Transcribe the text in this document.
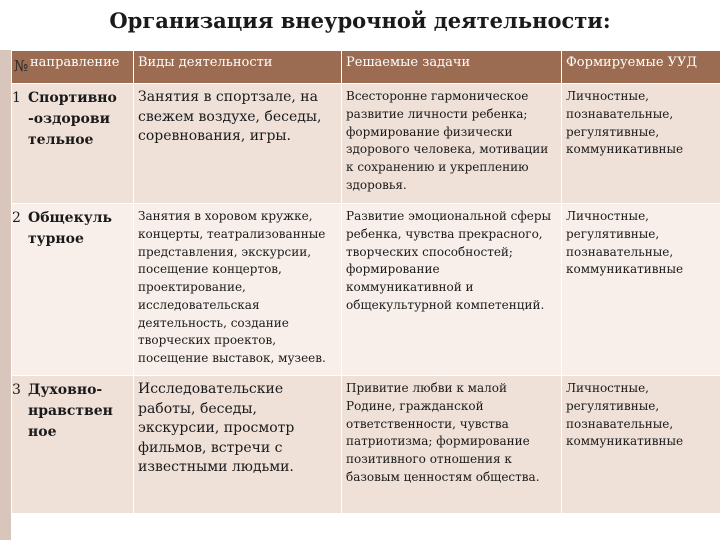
Организация внеурочной деятельности:
№ направление	Виды деятельности	Решаемые задачи	Формируемые УУД
1 Спортивно -оздорови тельное	Занятия в спортзале, на свежем воздухе, беседы, соревнования, игры.	Всесторонне гармоническое развитие личности ребенка; формирование физически здорового человека, мотивации к сохранению и укреплению здоровья.	Личностные, познавательные, регулятивные, коммуникативные
2 Общекуль турное	Занятия в хоровом кружке, концерты, театрализованные представления, экскурсии, посещение концертов, проектирование, исследовательская деятельность, создание творческих проектов, посещение выставок, музеев.	Развитие эмоциональной сферы ребенка, чувства прекрасного, творческих способностей; формирование коммуникативной и общекультурной компетенций.	Личностные, регулятивные, познавательные, коммуникативные
3 Духовно- нравствен ное	Исследовательские работы, беседы, экскурсии, просмотр фильмов, встречи с известными людьми.	Привитие любви к малой Родине, гражданской ответственности, чувства патриотизма; формирование позитивного отношения к базовым ценностям общества.	Личностные, регулятивные, познавательные, коммуникативные
